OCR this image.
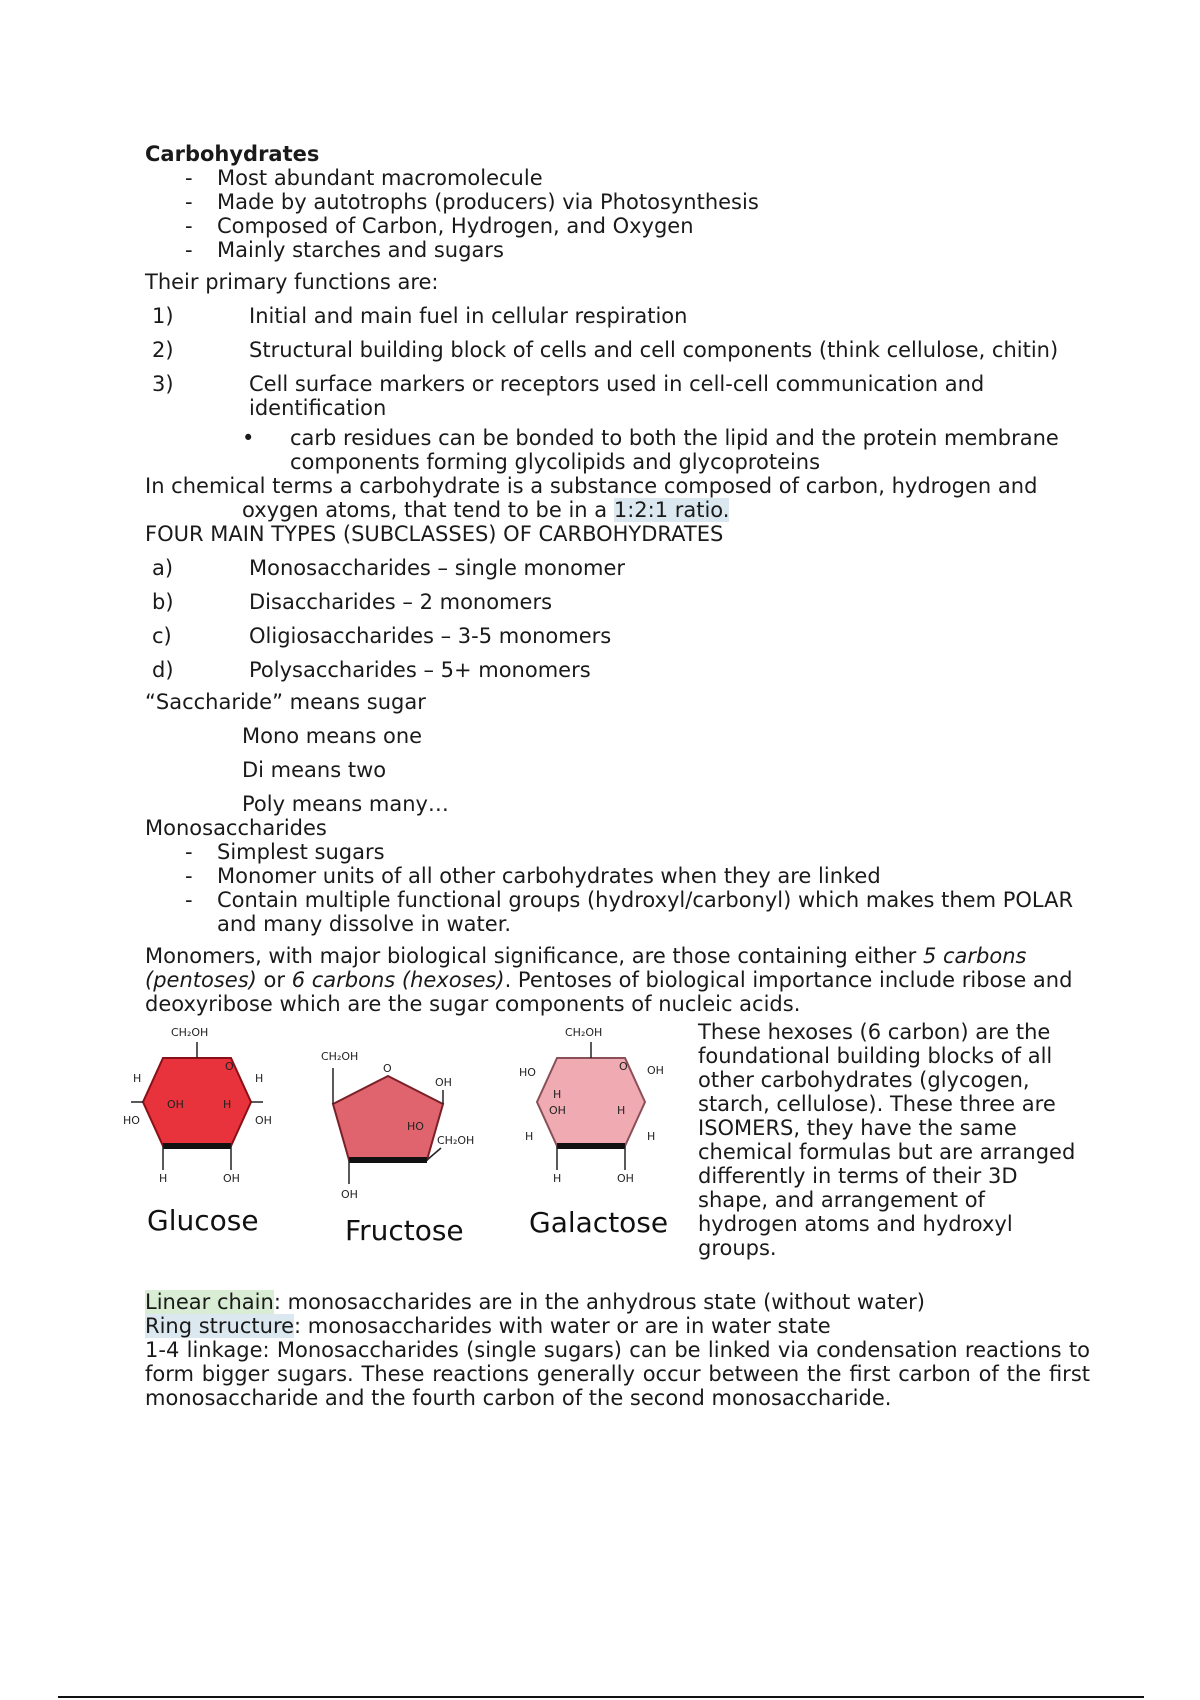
Carbohydrates
- Most abundant macromolecule
- Made by autotrophs (producers) via Photosynthesis
- Composed of Carbon, Hydrogen, and Oxygen
- Mainly starches and sugars
Their primary functions are:
1)	Initial and main fuel in cellular respiration
2)	Structural building block of cells and cell components (think cellulose, chitin)
3)	Cell surface markers or receptors used in cell-cell communication and identification
•	carb residues can be bonded to both the lipid and the protein membrane components forming glycolipids and glycoproteins
In chemical terms a carbohydrate is a substance composed of carbon, hydrogen and oxygen atoms, that tend to be in a 1:2:1 ratio.
FOUR MAIN TYPES (SUBCLASSES) OF CARBOHYDRATES
a)	Monosaccharides – single monomer
b)	Disaccharides – 2 monomers
c)	Oligiosaccharides – 3-5 monomers
d)	Polysaccharides – 5+ monomers
“Saccharide” means sugar
Mono means one
Di means two
Poly means many…
Monosaccharides
- Simplest sugars
- Monomer units of all other carbohydrates when they are linked
- Contain multiple functional groups (hydroxyl/carbonyl) which makes them POLAR and many dissolve in water.
Monomers, with major biological significance, are those containing either 5 carbons (pentoses) or 6 carbons (hexoses). Pentoses of biological importance include ribose and deoxyribose which are the sugar components of nucleic acids.
CH₂OH
O
H	H
OH	H
HO	OH
H	OH
Glucose
CH₂OH
O
OH
HO
CH₂OH
OH
Fructose
CH₂OH
O OH
HO
H
OH	H
H	H
H	OH
Galactose
These hexoses (6 carbon) are the foundational building blocks of all other carbohydrates (glycogen, starch, cellulose). These three are ISOMERS, they have the same chemical formulas but are arranged differently in terms of their 3D shape, and arrangement of hydrogen atoms and hydroxyl groups.
Linear chain: monosaccharides are in the anhydrous state (without water)
Ring structure: monosaccharides with water or are in water state
1-4 linkage: Monosaccharides (single sugars) can be linked via condensation reactions to form bigger sugars. These reactions generally occur between the first carbon of the first monosaccharide and the fourth carbon of the second monosaccharide.
